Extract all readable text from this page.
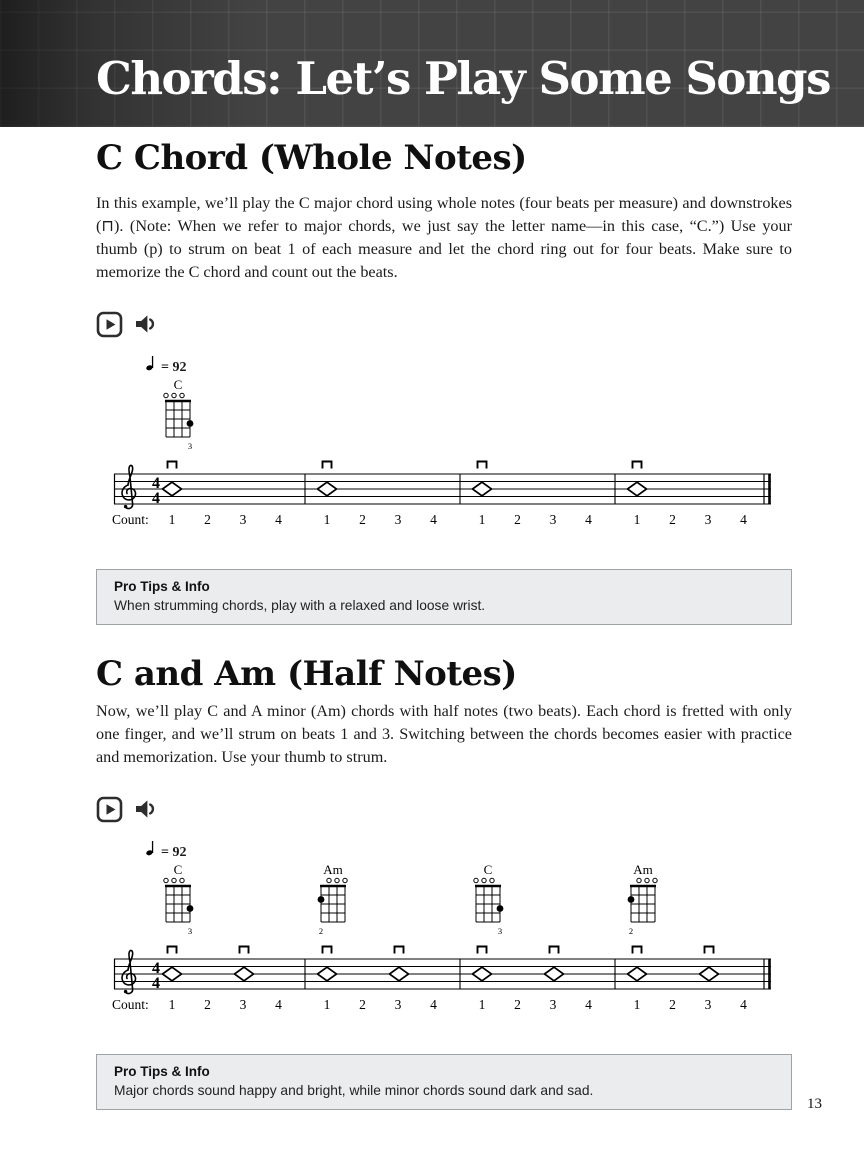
Chords: Let’s Play Some Songs
C Chord (Whole Notes)

In this example, we’ll play the C major chord using whole notes (four beats per measure) and downstrokes (⊓). (Note: When we refer to major chords, we just say the letter name—in this case, “C.”) Use your thumb (p) to strum on beat 1 of each measure and let the chord ring out for four beats. Make sure to memorize the C chord and count out the beats.

= 92
C
3
4
4
Count: 1 2 3 4	1 2 3 4	1 2 3 4	1 2 3 4
Pro Tips & Info
When strumming chords, play with a relaxed and loose wrist.
C and Am (Half Notes)

Now, we’ll play C and A minor (Am) chords with half notes (two beats). Each chord is fretted with only one finger, and we’ll strum on beats 1 and 3. Switching between the chords becomes easier with practice and memorization. Use your thumb to strum.

= 92
C
3
Am
2
C
3
Am
2
4
4
Count: 1 2 3 4	1 2 3 4	1 2 3 4	1 2 3 4
Pro Tips & Info
Major chords sound happy and bright, while minor chords sound dark and sad.
13
